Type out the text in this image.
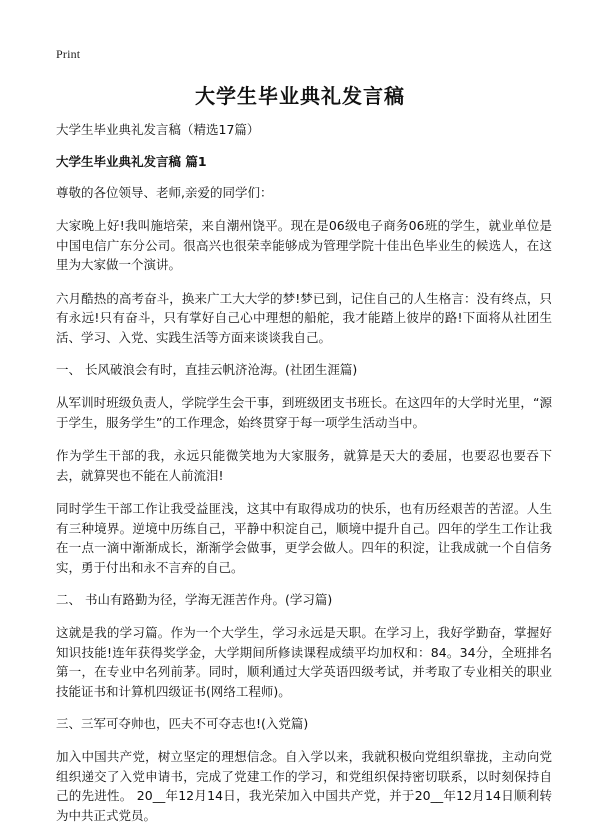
Print
大学生毕业典礼发言稿
大学生毕业典礼发言稿（精选17篇）
大学生毕业典礼发言稿 篇1
尊敬的各位领导、老师,亲爱的同学们：

大家晚上好!我叫施培荣，来自潮州饶平。现在是06级电子商务06班的学生，就业单位是中国电信广东分公司。很高兴也很荣幸能够成为管理学院十佳出色毕业生的候选人，在这里为大家做一个演讲。

六月酷热的高考奋斗，换来广工大大学的梦!梦已到，记住自己的人生格言：没有终点，只有永远!只有奋斗，只有掌好自己心中理想的船舵，我才能踏上彼岸的路!下面将从社团生活、学习、入党、实践生活等方面来谈谈我自己。

一、 长风破浪会有时，直挂云帆济沧海。(社团生涯篇)

从军训时班级负责人，学院学生会干事，到班级团支书班长。在这四年的大学时光里，“源于学生，服务学生”的工作理念，始终贯穿于每一项学生活动当中。

作为学生干部的我，永远只能微笑地为大家服务，就算是天大的委屈，也要忍也要吞下去，就算哭也不能在人前流泪!

同时学生干部工作让我受益匪浅，这其中有取得成功的快乐，也有历经艰苦的苦涩。人生有三种境界。逆境中历练自己，平静中积淀自己，顺境中提升自己。四年的学生工作让我在一点一滴中渐渐成长，渐渐学会做事，更学会做人。四年的积淀，让我成就一个自信务实，勇于付出和永不言弃的自己。

二、 书山有路勤为径，学海无涯苦作舟。(学习篇)

这就是我的学习篇。作为一个大学生，学习永远是天职。在学习上，我好学勤奋，掌握好知识技能!连年获得奖学金，大学期间所修读课程成绩平均加权和：84。34分，全班排名第一，在专业中名列前茅。同时，顺利通过大学英语四级考试，并考取了专业相关的职业技能证书和计算机四级证书(网络工程师)。

三、三军可夺帅也，匹夫不可夺志也!(入党篇)

加入中国共产党，树立坚定的理想信念。自入学以来，我就积极向党组织靠拢，主动向党组织递交了入党申请书，完成了党建工作的学习，和党组织保持密切联系，以时刻保持自己的先进性。 20__年12月14日，我光荣加入中国共产党，并于20__年12月14日顺利转为中共正式党员。
